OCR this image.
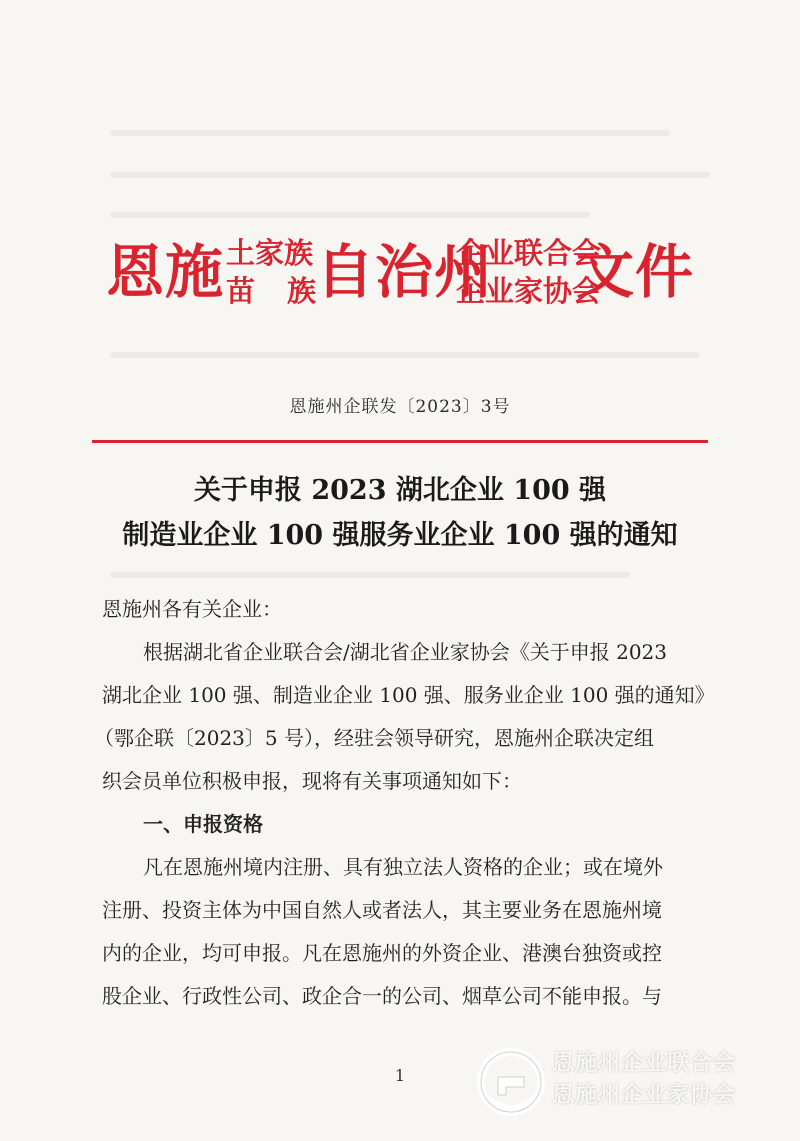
恩施 土家族
苗 族 自治州
企业联合会
企业家协会
文件
恩施州企联发〔2023〕3号
关于申报 2023 湖北企业 100 强
制造业企业 100 强服务业企业 100 强的通知
恩施州各有关企业：
根据湖北省企业联合会/湖北省企业家协会《关于申报 2023
湖北企业 100 强、制造业企业 100 强、服务业企业 100 强的通知》
（鄂企联〔2023〕5 号），经驻会领导研究，恩施州企联决定组
织会员单位积极申报，现将有关事项通知如下：
一、申报资格
凡在恩施州境内注册、具有独立法人资格的企业；或在境外
注册、投资主体为中国自然人或者法人，其主要业务在恩施州境
内的企业，均可申报。凡在恩施州的外资企业、港澳台独资或控
股企业、行政性公司、政企合一的公司、烟草公司不能申报。与
1	恩施州企业联合会
恩施州企业家协会
